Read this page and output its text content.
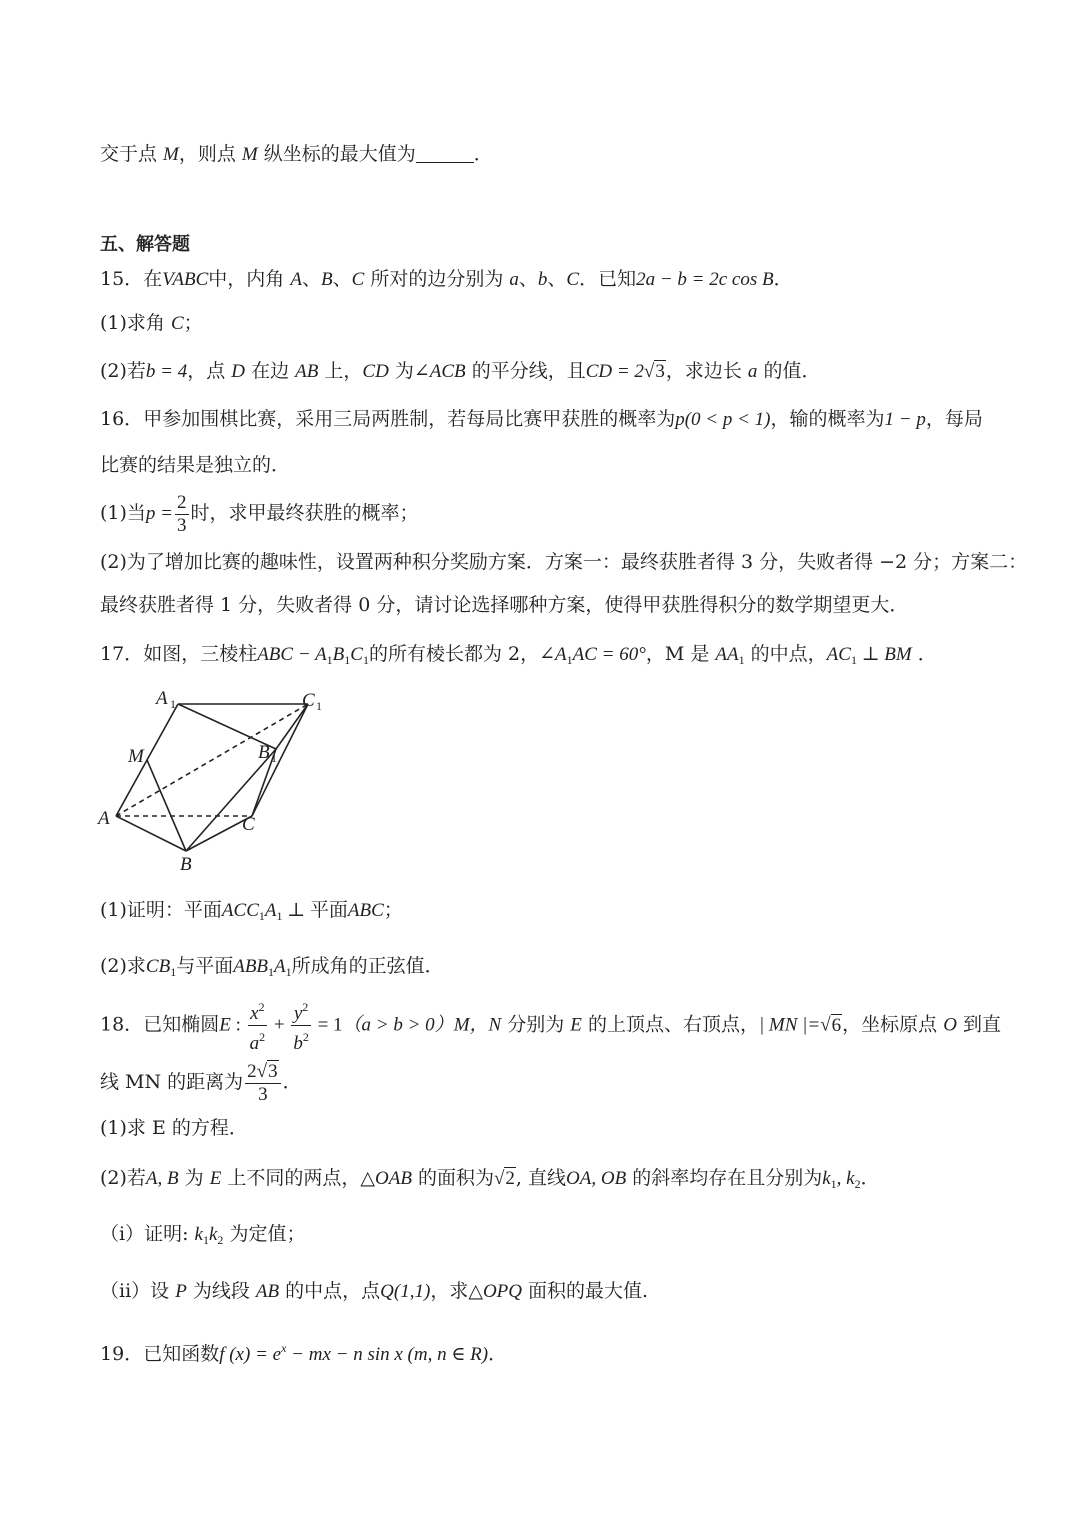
交于点 M，则点 M 纵坐标的最大值为	．
五、解答题
15．在VABC中，内角 A、B、C 所对的边分别为 a、b、C．已知2a − b = 2c cos B．
(1)求角 C；
(2)若b = 4，点 D 在边 AB 上，CD 为∠ACB 的平分线，且CD = 2√3，求边长 a 的值．
16．甲参加围棋比赛，采用三局两胜制，若每局比赛甲获胜的概率为p(0 < p < 1)，输的概率为1 − p，每局
比赛的结果是独立的．
(1)当$p = \frac{2}{3}$ 时，求甲最终获胜的概率；
(2)为了增加比赛的趣味性，设置两种积分奖励方案．方案一：最终获胜者得 3 分，失败者得 −2 分；方案二：
最终获胜者得 1 分，失败者得 0 分，请讨论选择哪种方案，使得甲获胜得积分的数学期望更大．
17．如图，三棱柱ABC − $A_1B_1C_1$的所有棱长都为 2，$\angle A_1AC = 60^\circ$，M 是 $AA_1$ 的中点，$AC_1$ ⊥ BM ．
A 1	C 1
M	B 1
A	C
B
(1)证明：平面$ACC_1A_1$ ⊥ 平面ABC；
(2)求$CB_1$与平面$ABB_1A_1$所成角的正弦值．
18．已知椭圆E : $\frac{x^2}{a^2} + \frac{y^2}{b^2} = 1(a > b > 0)M$，N 分别为 E 的上顶点、右顶点，| MN |=√6，坐标原点 O 到直
线 MN 的距离为 $\frac{2√3}{3}$ ．
(1)求 E 的方程．
(2)若A, B 为 E 上不同的两点，△OAB 的面积为√2, 直线OA, OB 的斜率均存在且分别为$k_1$, $k_2$．
（i）证明: $k_1k_2$ 为定值；
（ii）设 P 为线段 AB 的中点，点Q(1,1)，求△OPQ 面积的最大值.
19．已知函数f $(x) = e^x$ − mx − n sin x (m, n ∈ R)．
